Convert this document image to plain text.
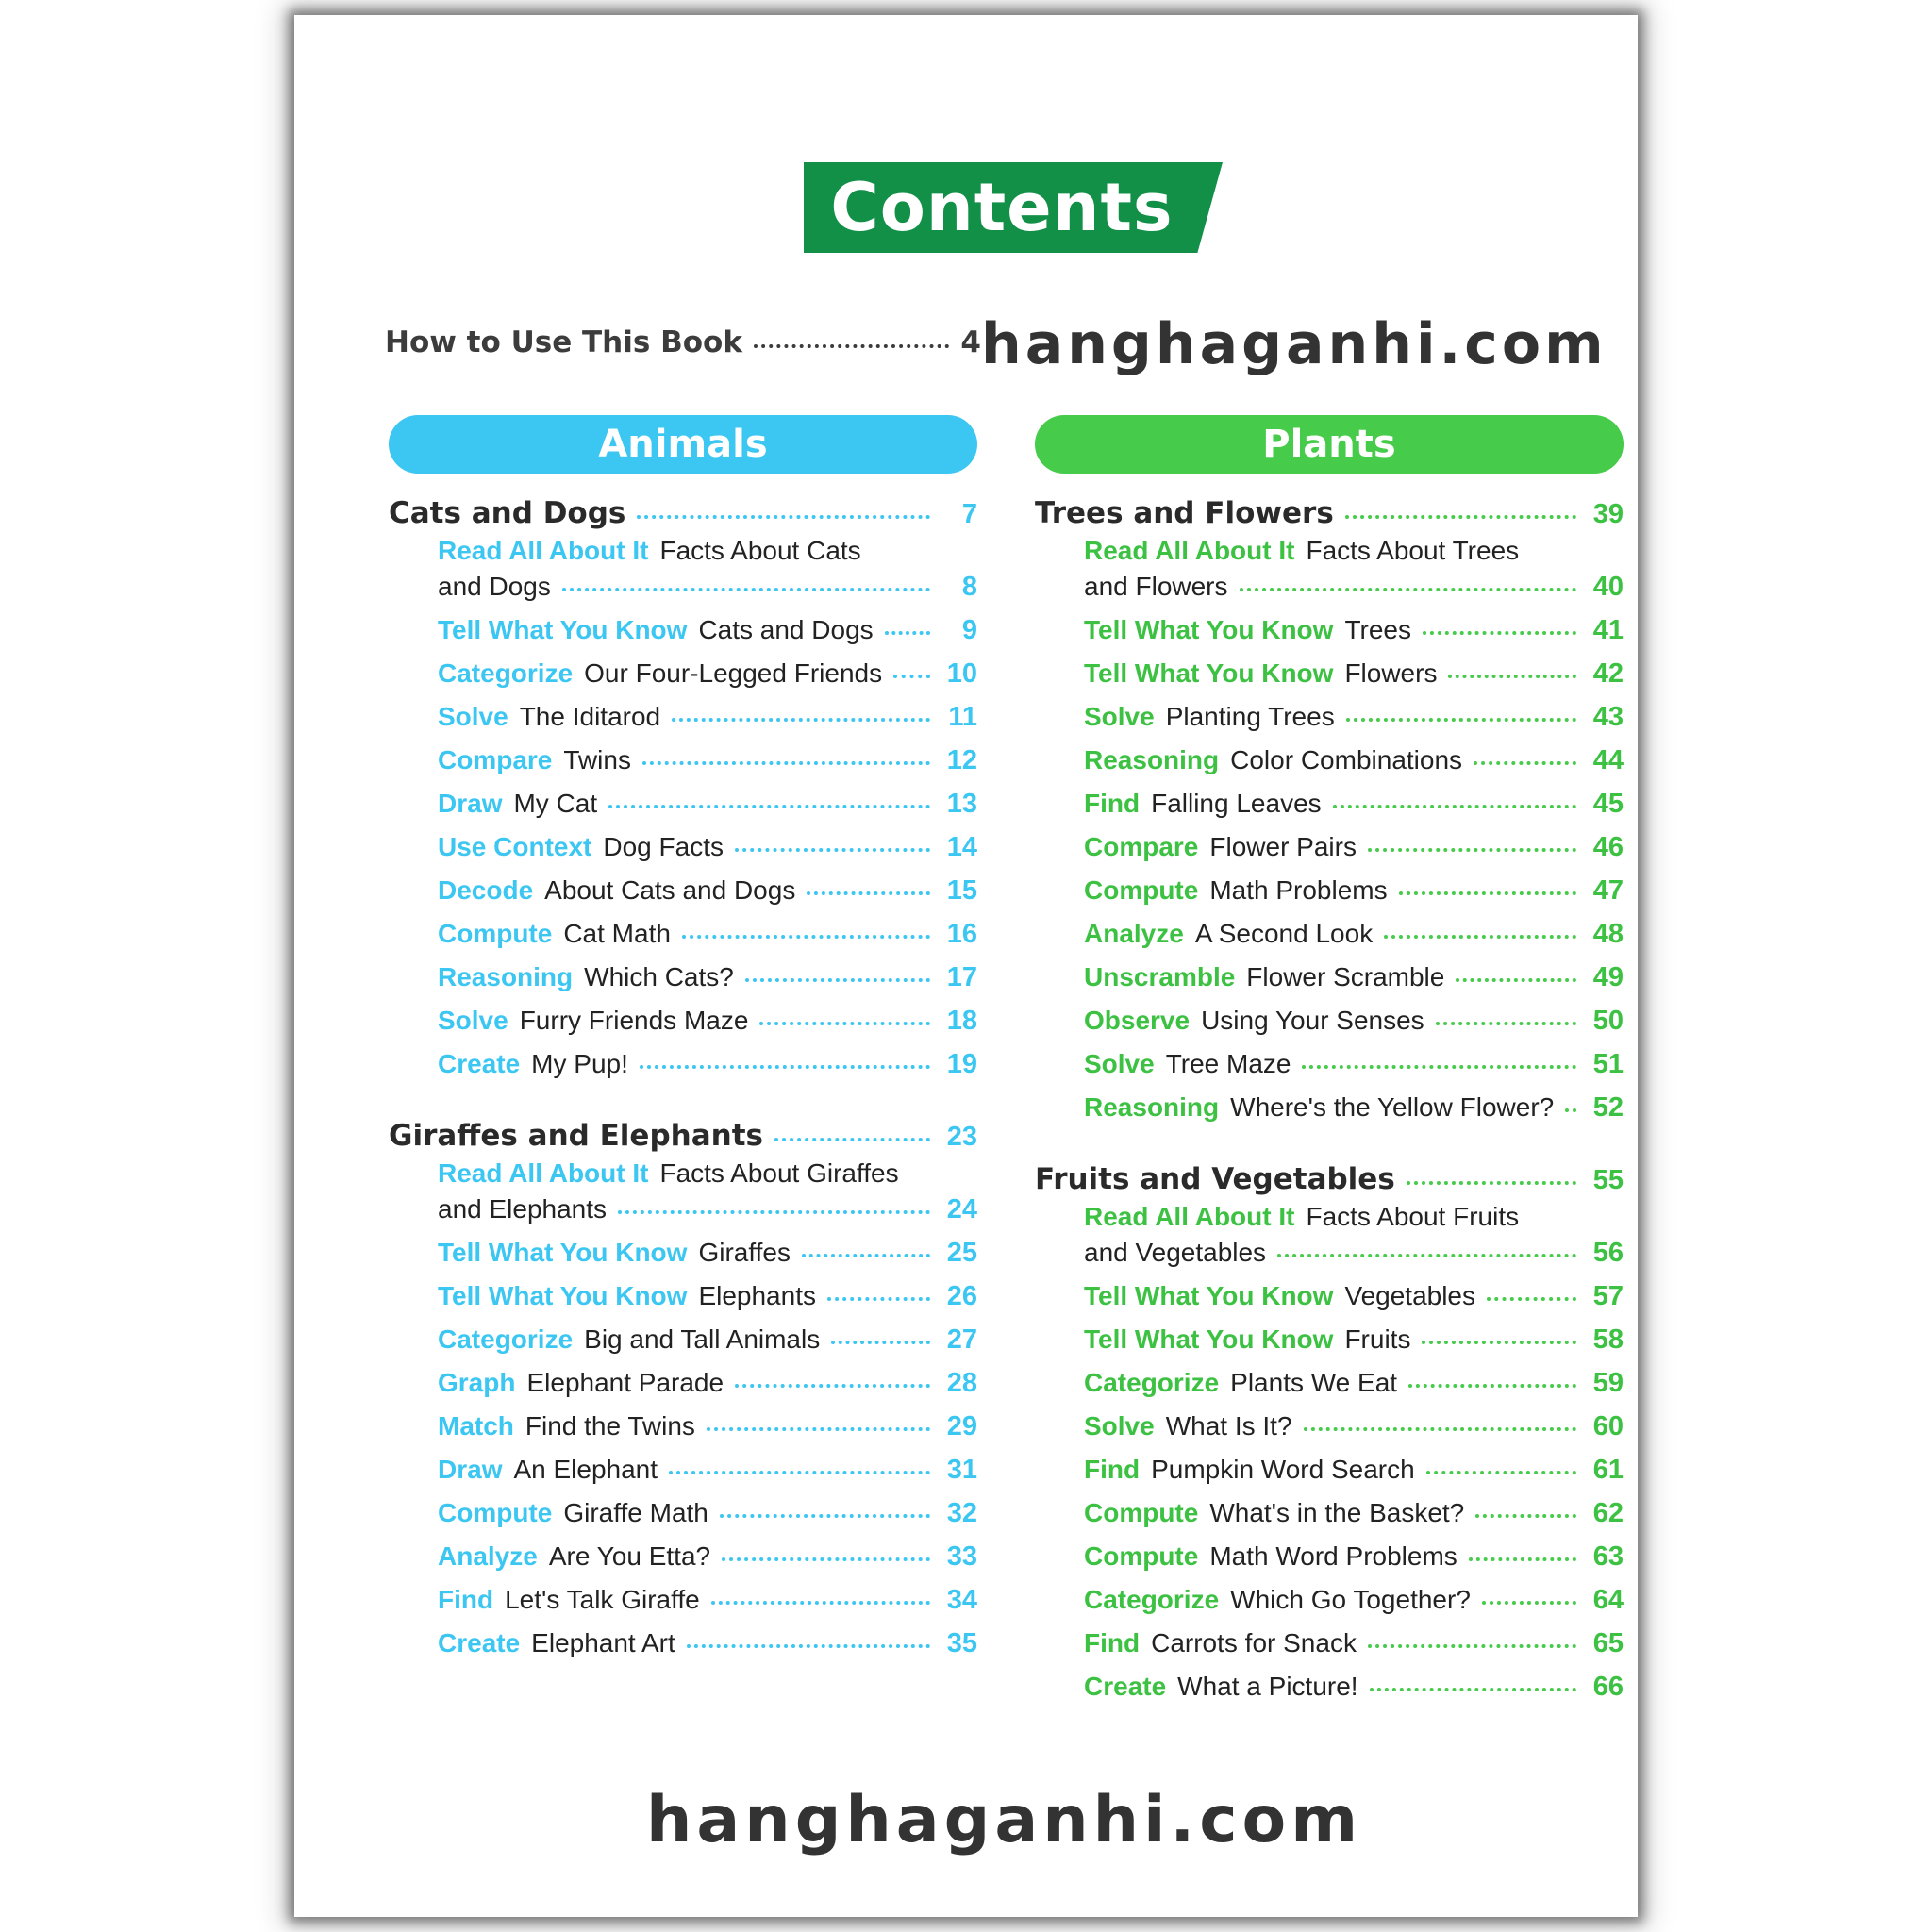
Contents
How to Use This Book	4 hanghaganhi.com
Animals
Cats and Dogs	7
Read All About It Facts About Cats
and Dogs	8
Tell What You Know Cats and Dogs	9
Categorize Our Four-Legged Friends 10
Solve The Iditarod	11
Compare Twins	12
Draw My Cat	13
Use Context Dog Facts	14
Decode About Cats and Dogs	15
Compute Cat Math	16
Reasoning Which Cats?	17
Solve Furry Friends Maze	18
Create My Pup!	19
Giraffes and Elephants	23
Read All About It Facts About Giraffes
and Elephants	24
Tell What You Know Giraffes	25
Tell What You Know Elephants	26
Categorize Big and Tall Animals	27
Graph Elephant Parade	28
Match Find the Twins	29
Draw An Elephant	31
Compute Giraffe Math	32
Analyze Are You Etta?	33
Find Let's Talk Giraffe	34
Create Elephant Art	35
Plants
Trees and Flowers	39
Read All About It Facts About Trees
and Flowers	40
Tell What You Know Trees	41
Tell What You Know Flowers	42
Solve Planting Trees	43
Reasoning Color Combinations	44
Find Falling Leaves	45
Compare Flower Pairs	46
Compute Math Problems	47
Analyze A Second Look	48
Unscramble Flower Scramble	49
Observe Using Your Senses	50
Solve Tree Maze	51
Reasoning Where's the Yellow Flower? 52
Fruits and Vegetables	55
Read All About It Facts About Fruits
and Vegetables	56
Tell What You Know Vegetables	57
Tell What You Know Fruits	58
Categorize Plants We Eat	59
Solve What Is It?	60
Find Pumpkin Word Search	61
Compute What's in the Basket?	62
Compute Math Word Problems	63
Categorize Which Go Together?	64
Find Carrots for Snack	65
Create What a Picture!	66
hanghaganhi.com
